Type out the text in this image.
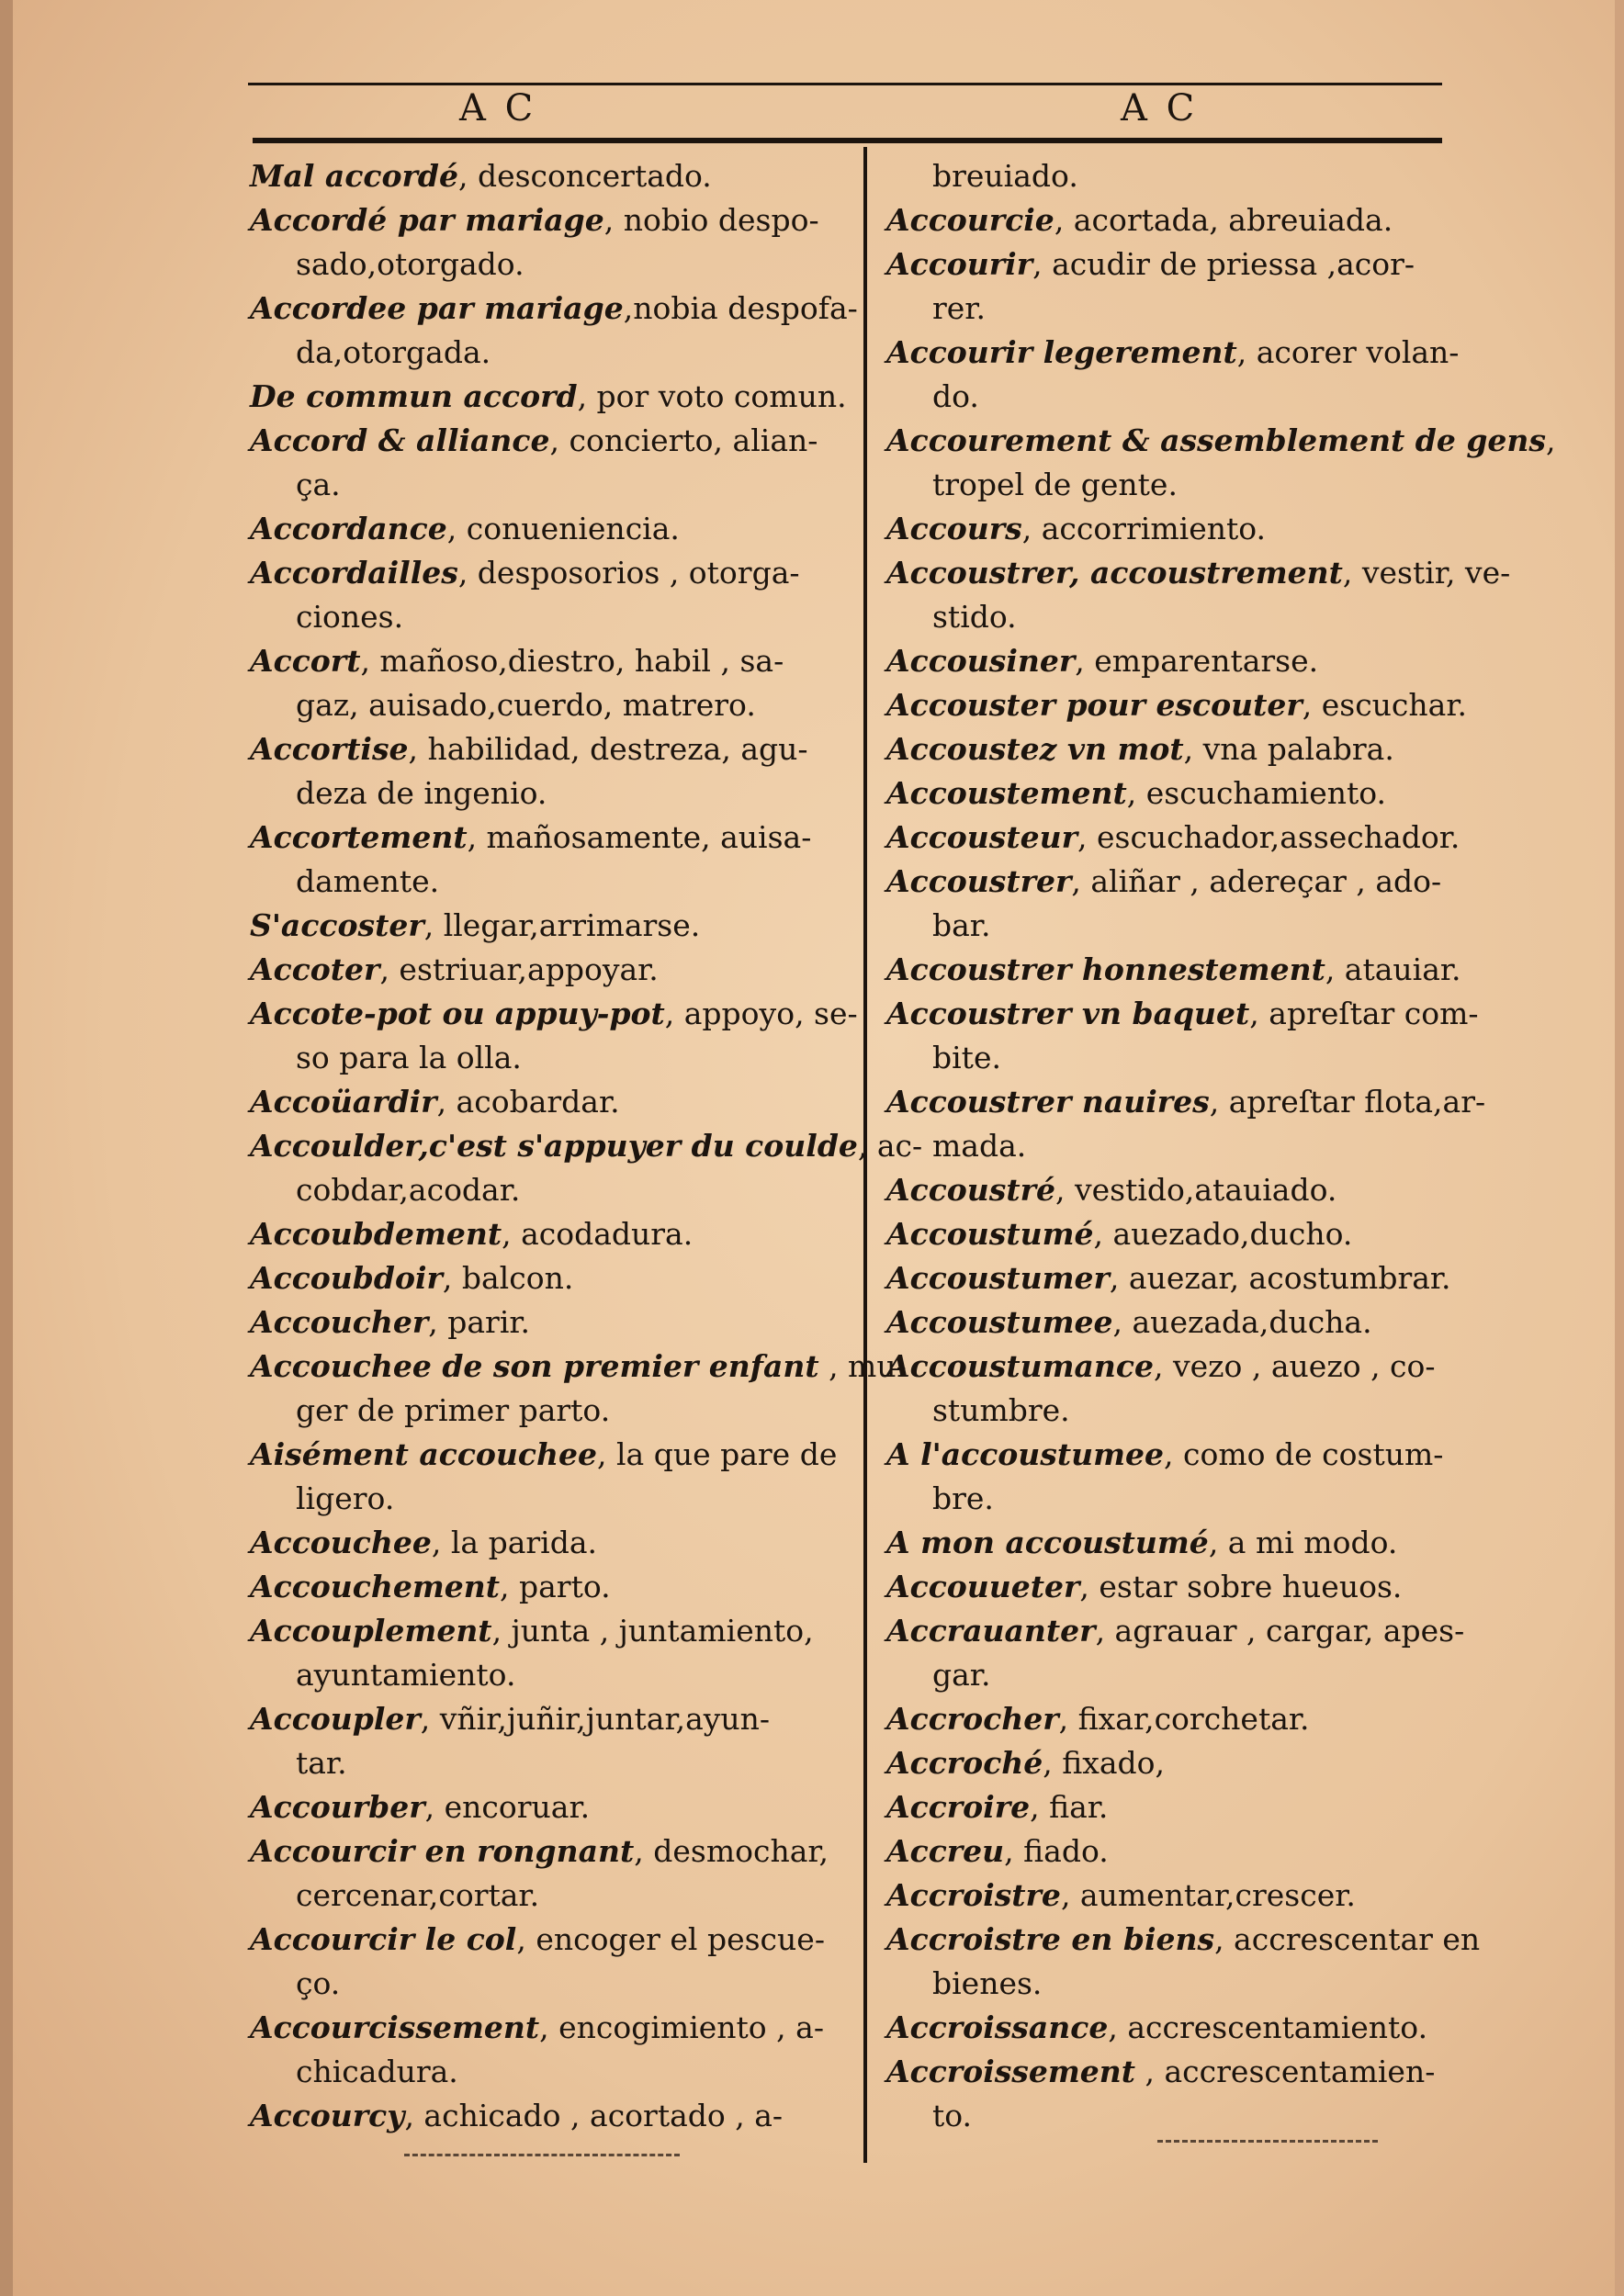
A C	A C
Mal accordé, desconcertado.
Accordé par mariage, nobio despo-
sado,otorgado.
Accordee par mariage,nobia despofa-
da,otorgada.
De commun accord, por voto comun.
Accord & alliance, concierto, alian-
ça.
Accordance, conueniencia.
Accordailles, desposorios , otorga-
ciones.
Accort, mañoso,diestro, habil , sa-
gaz, auisado,cuerdo, matrero.
Accortise, habilidad, destreza, agu-
deza de ingenio.
Accortement, mañosamente, auisa-
damente.
S'accoster, llegar,arrimarse.
Accoter, estriuar,appoyar.
Accote-pot ou appuy-pot, appoyo, se-
so para la olla.
Accoüardir, acobardar.
Accoulder,c'est s'appuyer du coulde, ac-
cobdar,acodar.
Accoubdement, acodadura.
Accoubdoir, balcon.
Accoucher, parir.
Accouchee de son premier enfant , mu-
ger de primer parto.
Aisément accouchee, la que pare de
ligero.
Accouchee, la parida.
Accouchement, parto.
Accouplement, junta , juntamiento,
ayuntamiento.
Accoupler, vñir,juñir,juntar,ayun-
tar.
Accourber, encoruar.
Accourcir en rongnant, desmochar,
cercenar,cortar.
Accourcir le col, encoger el pescue-
ço.
Accourcissement, encogimiento , a-
chicadura.
Accourcy, achicado , acortado , a-
breuiado.
Accourcie, acortada, abreuiada.
Accourir, acudir de priessa ,acor-
rer.
Accourir legerement, acorer volan-
do.
Accourement & assemblement de gens,
tropel de gente.
Accours, accorrimiento.
Accoustrer, accoustrement, vestir, ve-
stido.
Accousiner, emparentarse.
Accouster pour escouter, escuchar.
Accoustez vn mot, vna palabra.
Accoustement, escuchamiento.
Accousteur, escuchador,assechador.
Accoustrer, aliñar , adereçar , ado-
bar.
Accoustrer honnestement, atauiar.
Accoustrer vn baquet, apreſtar com-
bite.
Accoustrer nauires, apreſtar flota,ar-
mada.
Accoustré, vestido,atauiado.
Accoustumé, auezado,ducho.
Accoustumer, auezar, acostumbrar.
Accoustumee, auezada,ducha.
Accoustumance, vezo , auezo , co-
stumbre.
A l'accoustumee, como de costum-
bre.
A mon accoustumé, a mi modo.
Accouueter, estar sobre hueuos.
Accrauanter, agrauar , cargar, apes-
gar.
Accrocher, fixar,corchetar.
Accroché, fixado,
Accroire, fiar.
Accreu, fiado.
Accroistre, aumentar,crescer.
Accroistre en biens, accrescentar en
bienes.
Accroissance, accrescentamiento.
Accroissement , accrescentamien-
to.
